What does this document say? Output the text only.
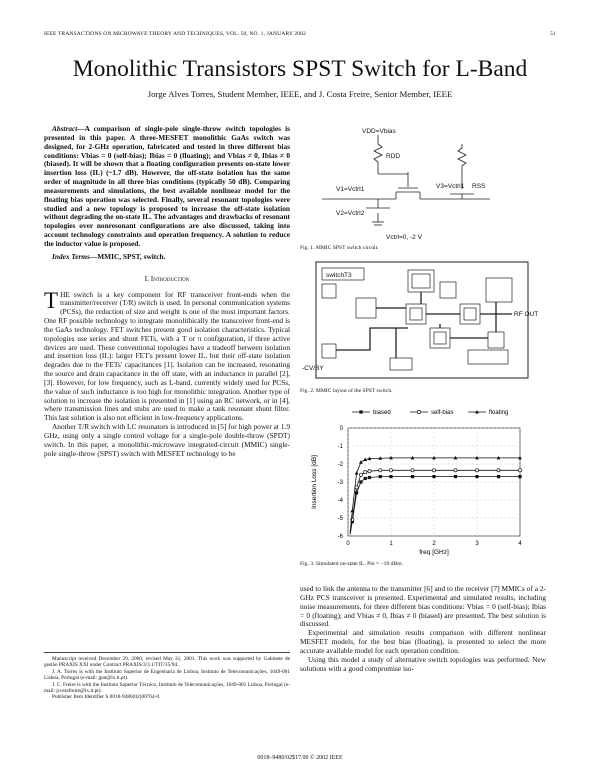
IEEE TRANSACTIONS ON MICROWAVE THEORY AND TECHNIQUES, VOL. 50, NO. 1, JANUARY 2002	51
Monolithic Transistors SPST Switch for L-Band
Jorge Alves Torres, Student Member, IEEE, and J. Costa Freire, Senior Member, IEEE
Abstract—A comparison of single-pole single-throw switch topologies is presented in this paper. A three-MESFET monolithic GaAs switch was designed, for 2-GHz operation, fabricated and tested in three different bias conditions: Vbias = 0 (self-bias); Ibias = 0 (floating); and Vbias ≠ 0, Ibias ≠ 0 (biased). It will be shown that a floating configuration presents on-state lower insertion loss (IL) (~1.7 dB). However, the off-state isolation has the same order of magnitude in all three bias conditions (typically 50 dB). Comparing measurements and simulations, the best available nonlinear model for the floating bias operation was selected. Finally, several resonant topologies were studied and a new topology is proposed to increase the off-state isolation without degrading the on-state IL. The advantages and drawbacks of resonant topologies over nonresonant configurations are also discussed, taking into account technology constraints and operation frequency. A solution to reduce the inductor value is proposed.
Index Terms—MMIC, SPST, switch.
I. Introduction
THE switch is a key component for RF transceiver front-ends when the transmitter/receiver (T/R) switch is used. In personal communication systems (PCSs), the reduction of size and weight is one of the most important factors. One RF possible technology to integrate monolithically the transceiver front-end is the GaAs technology. FET switches present good isolation characteristics. Typical topologies use series and shunt FETs, with a T or π configuration, if three active devices are used. These conventional topologies have a tradeoff between isolation and insertion loss (IL): larger FET's present lower IL, but their off-state isolation degrades due to the FETs' capacitances [1]. Isolation can be increased, resonating the source and drain capacitance in the off state, with an inductance in parallel [2], [3]. However, for low frequency, such as L-band, currently widely used for PCSs, the value of such inductance is too high for monolithic integration. Another type of solution to increase the isolation is presented in [1] using an RC network, or in [4], where transmission lines and stubs are used to make a tank resonant shunt filter. This last solution is also not efficient in low-frequency applications.
Another T/R switch with LC resonators is introduced in [5] for high power at 1.9 GHz, using only a single control voltage for a single-pole double-throw (SPDT) switch. In this paper, a monolithic-microwave integrated-circuit (MMIC) single-pole single-throw (SPST) switch with MESFET technology to be
Manuscript received December 29, 2000; revised May 31, 2001. This work was supported by Gabinete de gestão PRAXIS XXI under Contract PRAXIS/3/3.1/TIT/35/94.
J. A. Torres is with the Instituto Superior de Engenharia de Lisboa, Instituto de Telecomunicações, 1049-001 Lisboa, Portugal (e-mail: jpat@lx.it.pt).
J. C. Freire is with the Instituto Superior Técnico, Instituto de Telecomunicações, 1049-001 Lisboa, Portugal (e-mail: jcostafreire@lx.it.pt).
Publisher Item Identifier S 0018-9480(02)00764-0.
VDD=Vbias
RDD
V1=Vctrl1	V3=Vctrl1 RSS
V2=Vctrl2
Vctrl=0, -2 V
Fig. 1. MMIC SPST switch circuit.
switchT3
RF OUT
-CV/BY
Fig. 2. MMIC layout of the SPST switch.
biased	self-bias	floating
0
-1
-2
-3
-4
-5
-6
0	1	2	3	4
Insertion Loss [dB]
freq [GHz]
Fig. 3. Simulated on-state IL. Pin = −10 dBm.
used to link the antenna to the transmitter [6] and to the receiver [7] MMICs of a 2-GHz PCS transceiver is presented. Experimental and simulated results, including noise measurements, for three different bias conditions: Vbias = 0 (self-bias); Ibias = 0 (floating); and Vbias ≠ 0, Ibias ≠ 0 (biased) are presented. The best solution is discussed.
Experimental and simulation results comparison with different nonlinear MESFET models, for the best bias (floating), is presented to select the more accurate available model for each operation condition.
Using this model a study of alternative switch topologies was performed. New solutions with a good compromise iso-
0018–9480/02$17.00 © 2002 IEEE
